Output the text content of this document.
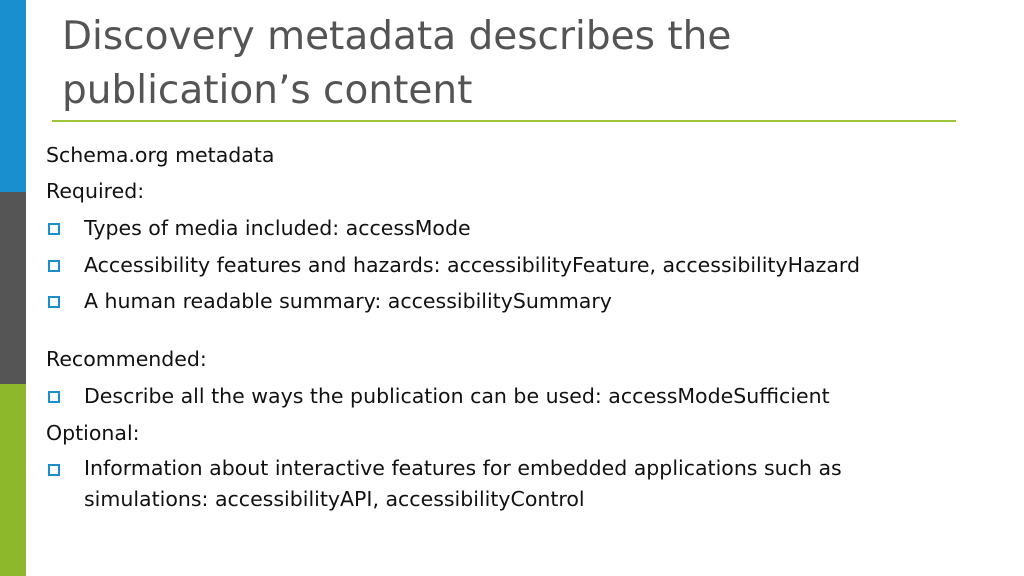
Discovery metadata describes the
publication’s content
Schema.org metadata
Required:
Types of media included: accessMode
Accessibility features and hazards: accessibilityFeature, accessibilityHazard
A human readable summary: accessibilitySummary
Recommended:
Describe all the ways the publication can be used: accessModeSufficient
Optional:
Information about interactive features for embedded applications such as simulations: accessibilityAPI, accessibilityControl
